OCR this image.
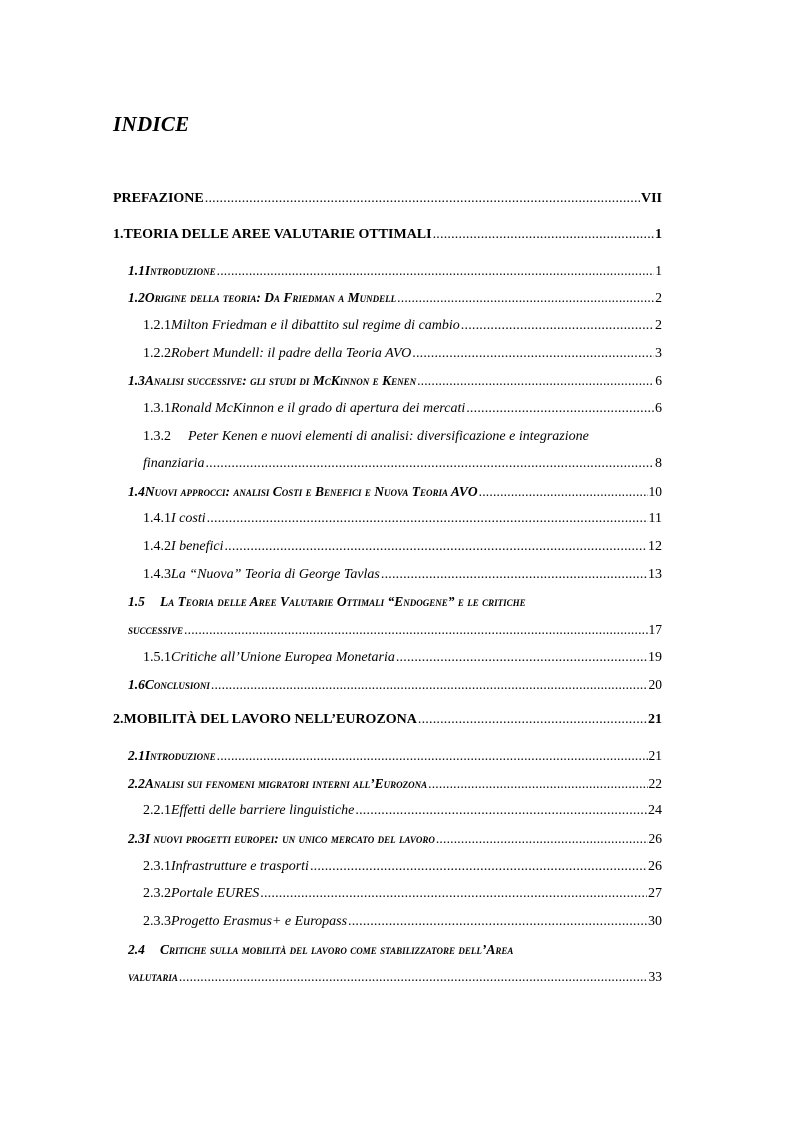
INDICE
PREFAZIONE .....	VII
1. TEORIA DELLE AREE VALUTARIE OTTIMALI .....	1
1.1 Introduzione .....	1
1.2 Origine della teoria: Da Friedman a Mundell .....	2
1.2.1 Milton Friedman e il dibattito sul regime di cambio .....	2
1.2.2 Robert Mundell: il padre della Teoria AVO .....	3
1.3 Analisi successive: gli studi di McKinnon e Kenen .....	6
1.3.1 Ronald McKinnon e il grado di apertura dei mercati .....	6
1.3.2 Peter Kenen e nuovi elementi di analisi: diversificazione e integrazione
finanziaria .....	8
1.4 Nuovi approcci: analisi Costi e Benefici e Nuova Teoria AVO .....	10
1.4.1 I costi .....	11
1.4.2 I benefici .....	12
1.4.3 La “Nuova” Teoria di George Tavlas .....	13
1.5 La Teoria delle Aree Valutarie Ottimali “Endogene” e le critiche
successive .....	17
1.5.1 Critiche all’Unione Europea Monetaria .....	19
1.6 Conclusioni .....	20
2. MOBILITÀ DEL LAVORO NELL’EUROZONA .....	21
2.1 Introduzione .....	21
2.2 Analisi sui fenomeni migratori interni all’Eurozona .....	22
2.2.1 Effetti delle barriere linguistiche .....	24
2.3 I nuovi progetti europei: un unico mercato del lavoro .....	26
2.3.1 Infrastrutture e trasporti .....	26
2.3.2 Portale EURES .....	27
2.3.3 Progetto Erasmus+ e Europass .....	30
2.4 Critiche sulla mobilità del lavoro come stabilizzatore dell’Area
valutaria .....	33
